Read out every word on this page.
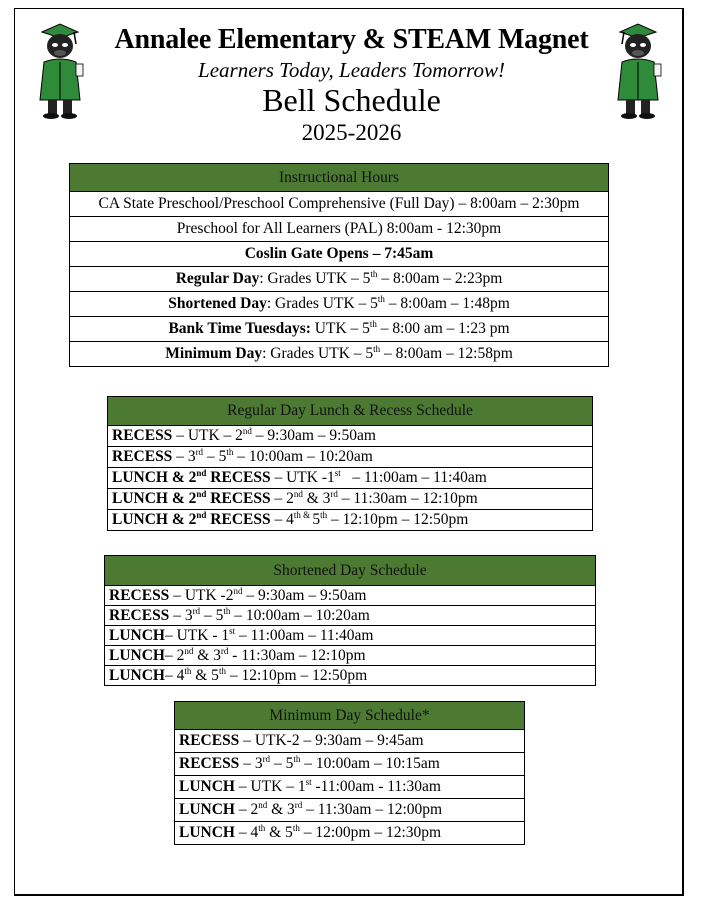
Annalee Elementary & STEAM Magnet
Learners Today, Leaders Tomorrow!
Bell Schedule
2025-2026
Instructional Hours
CA State Preschool/Preschool Comprehensive (Full Day) – 8:00am – 2:30pm
Preschool for All Learners (PAL) 8:00am - 12:30pm
Coslin Gate Opens – 7:45am
Regular Day: Grades UTK – 5th – 8:00am – 2:23pm
Shortened Day: Grades UTK – 5th – 8:00am – 1:48pm
Bank Time Tuesdays: UTK – 5th – 8:00 am – 1:23 pm
Minimum Day: Grades UTK – 5th – 8:00am – 12:58pm
Regular Day Lunch & Recess Schedule
RECESS – UTK – 2nd – 9:30am – 9:50am
RECESS – 3rd – 5th – 10:00am – 10:20am
LUNCH & 2nd RECESS – UTK -1st   – 11:00am – 11:40am
LUNCH & 2nd RECESS – 2nd & 3rd – 11:30am – 12:10pm
LUNCH & 2nd RECESS – $4^{th \&}$ 5th – 12:10pm – 12:50pm
Shortened Day Schedule
RECESS – UTK -2nd – 9:30am – 9:50am
RECESS – 3rd – 5th – 10:00am – 10:20am
LUNCH– UTK - 1st – 11:00am – 11:40am
LUNCH– 2nd & 3rd - 11:30am – 12:10pm
LUNCH– 4th & 5th – 12:10pm – 12:50pm
Minimum Day Schedule*
RECESS – UTK-2 – 9:30am – 9:45am
RECESS – 3rd – 5th – 10:00am – 10:15am
LUNCH – UTK – 1st -11:00am - 11:30am
LUNCH – 2nd & 3rd – 11:30am – 12:00pm
LUNCH – 4th & 5th – 12:00pm – 12:30pm
